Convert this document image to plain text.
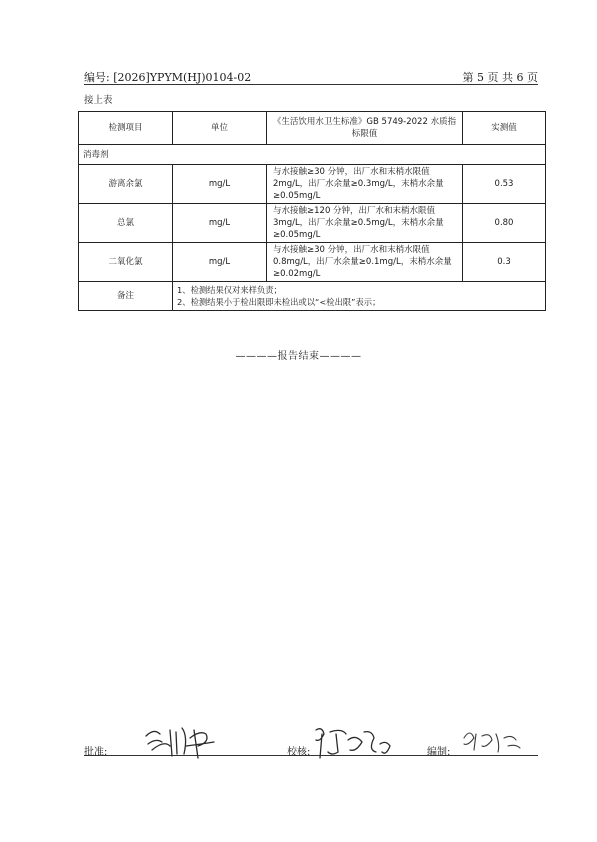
编号: [2026]YPYM(HJ)0104-02	第 5 页 共 6 页

接上表
检测项目	单位	《生活饮用水卫生标准》GB 5749-2022 水质指标限值	实测值
消毒剂			
游离余氯	mg/L	与水接触≥30 分钟，出厂水和末梢水限值 2mg/L，出厂水余量≥0.3mg/L，末梢水余量≥0.05mg/L	0.53
总氯	mg/L	与水接触≥120 分钟，出厂水和末梢水限值 3mg/L，出厂水余量≥0.5mg/L，末梢水余量≥0.05mg/L	0.80
二氧化氯	mg/L	与水接触≥30 分钟，出厂水和末梢水限值 0.8mg/L，出厂水余量≥0.1mg/L，末梢水余量≥0.02mg/L	0.3
备注	1、检测结果仅对来样负责；
2、检测结果小于检出限即未检出或以“<检出限”表示；		
————报告结束————
批准:	校核:	编制:
